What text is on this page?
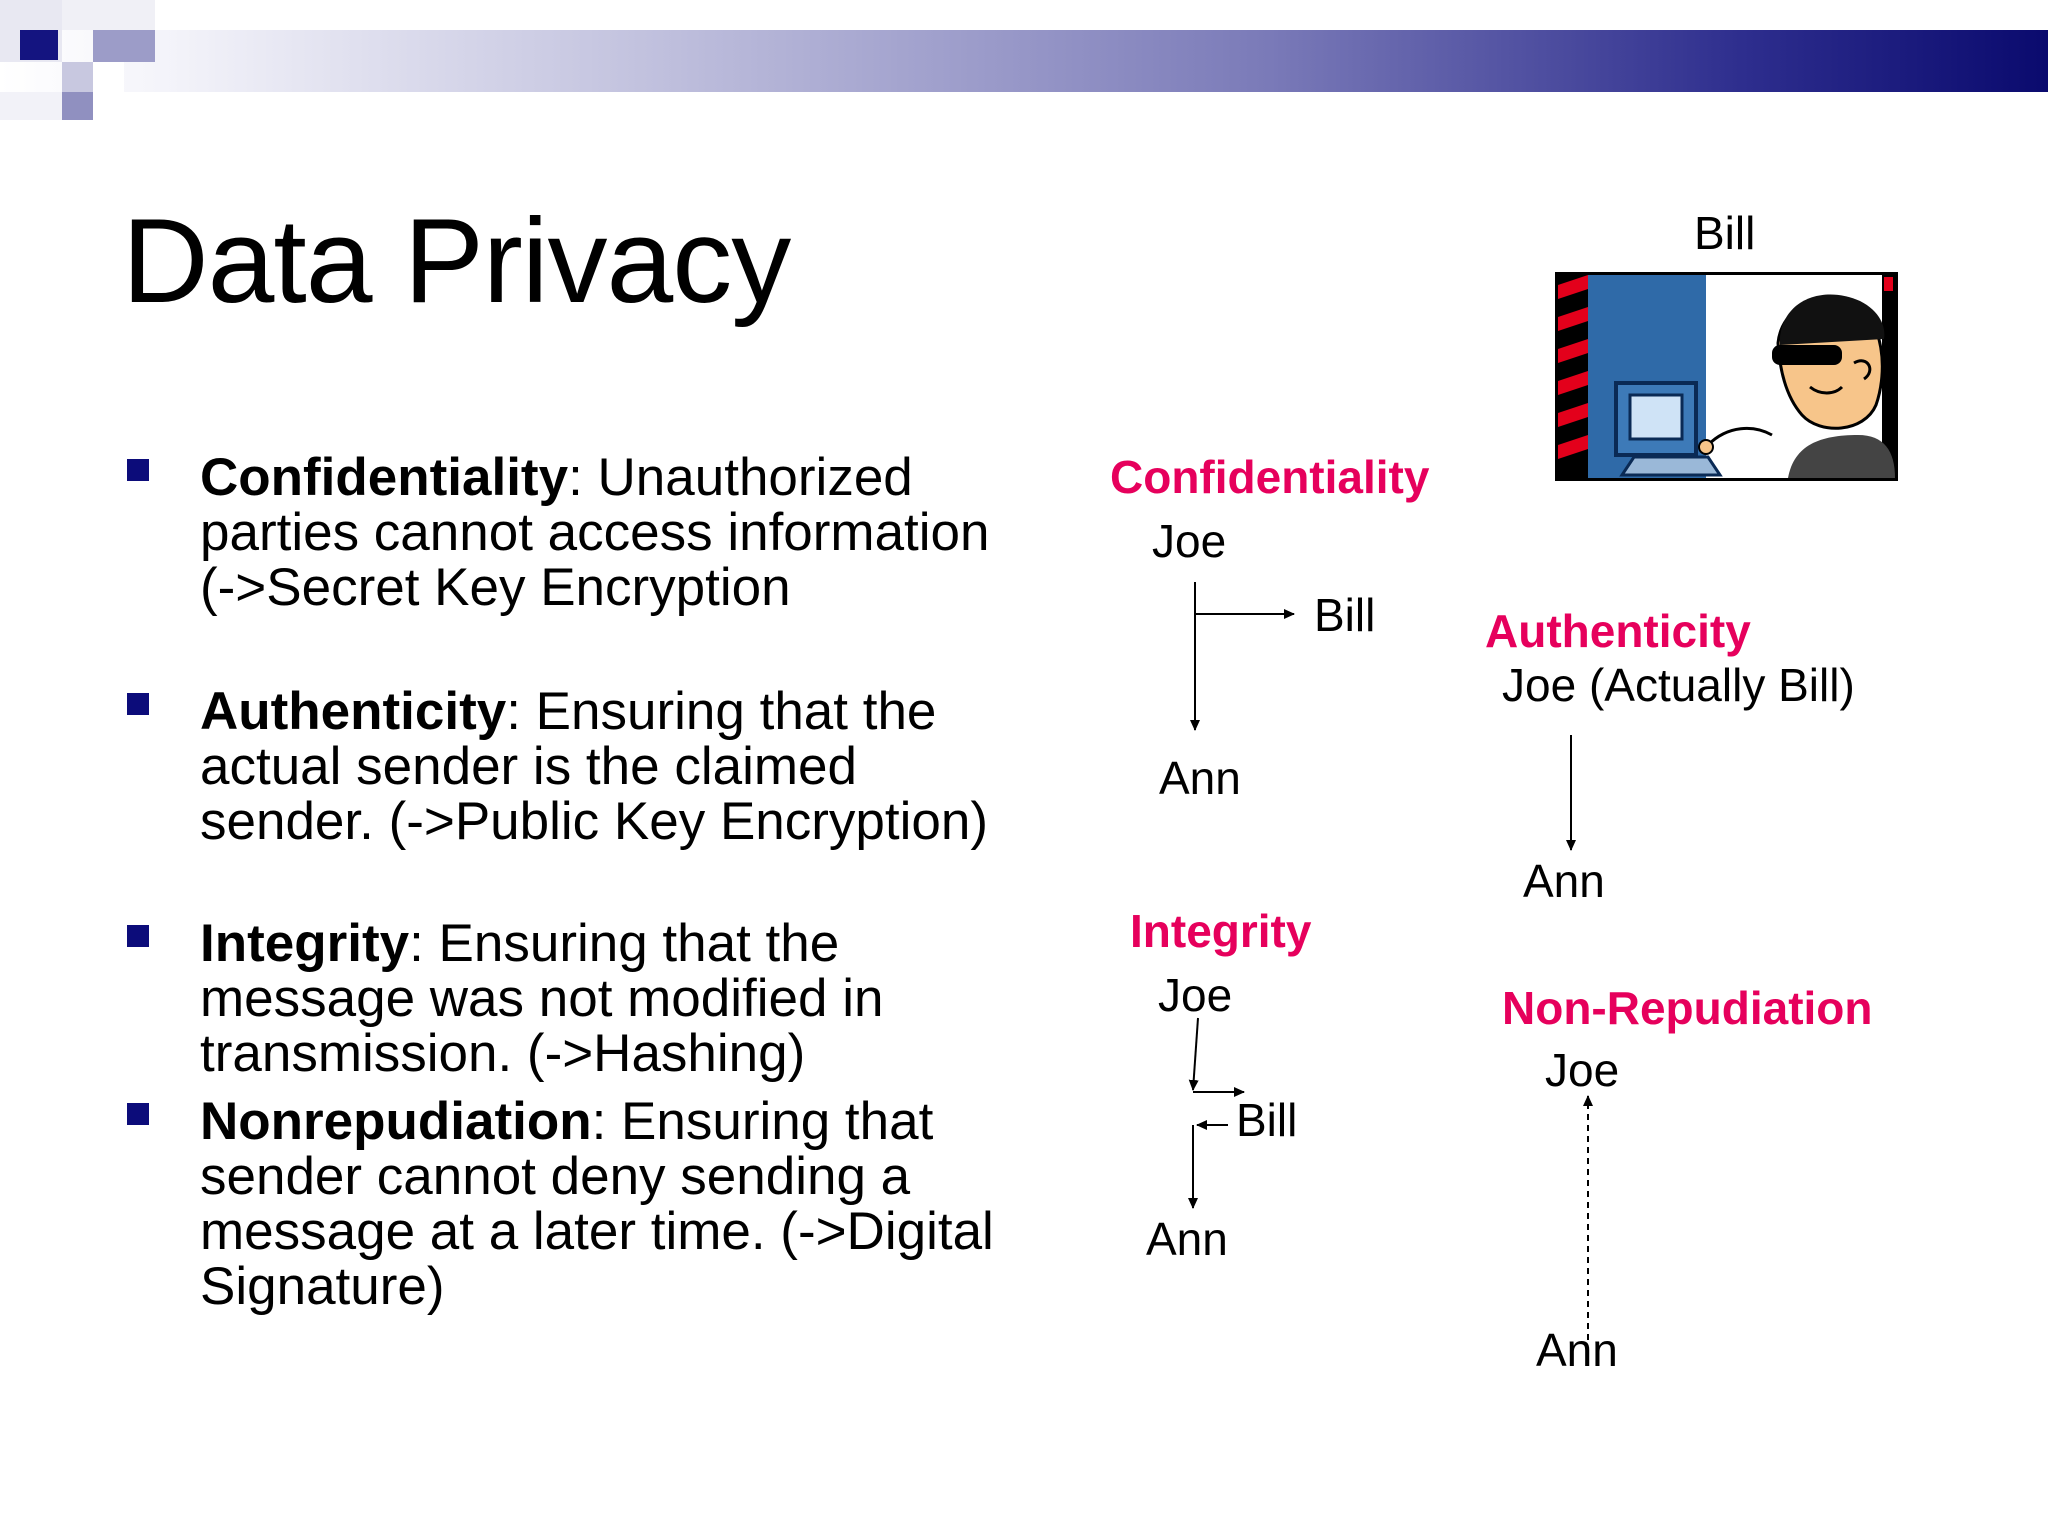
Data Privacy
Confidentiality: Unauthorized parties cannot access information (->Secret Key Encryption
Authenticity: Ensuring that the actual sender is the claimed sender. (->Public Key Encryption)
Integrity: Ensuring that the message was not modified in transmission. (->Hashing)
Nonrepudiation: Ensuring that sender cannot deny sending a message at a later time. (->Digital Signature)
Bill
Confidentiality
Joe
Bill
Ann
Authenticity
Joe (Actually Bill)
Ann
Integrity
Joe
Bill
Ann
Non-Repudiation
Joe
Ann
